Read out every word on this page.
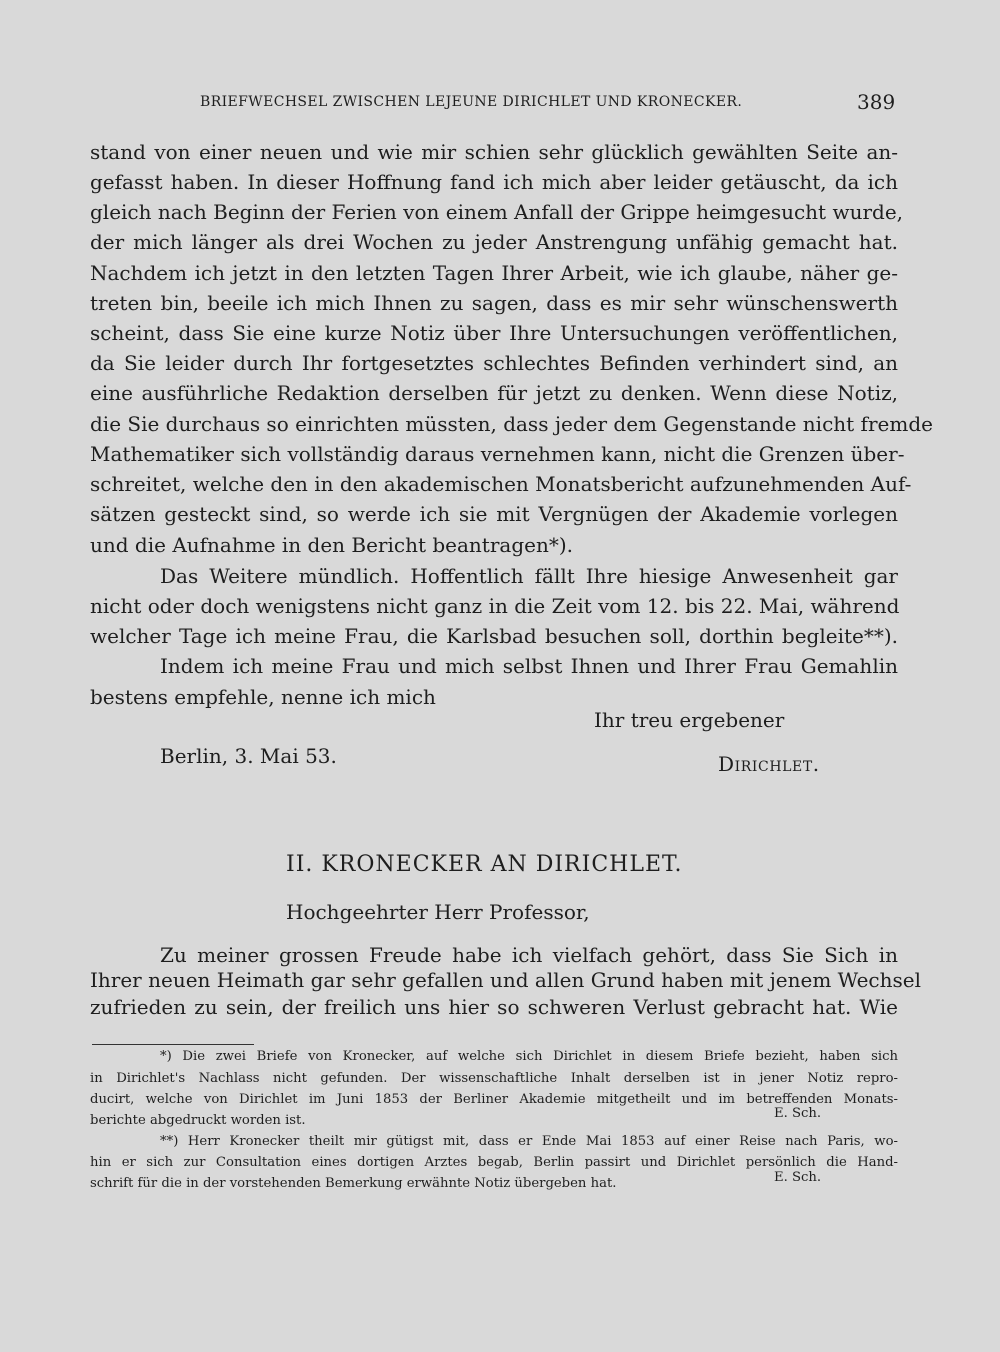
BRIEFWECHSEL ZWISCHEN LEJEUNE DIRICHLET UND KRONECKER.	389
stand von einer neuen und wie mir schien sehr glücklich gewählten Seite an-
gefasst haben. In dieser Hoffnung fand ich mich aber leider getäuscht, da ich
gleich nach Beginn der Ferien von einem Anfall der Grippe heimgesucht wurde,
der mich länger als drei Wochen zu jeder Anstrengung unfähig gemacht hat.
Nachdem ich jetzt in den letzten Tagen Ihrer Arbeit, wie ich glaube, näher ge-
treten bin, beeile ich mich Ihnen zu sagen, dass es mir sehr wünschenswerth
scheint, dass Sie eine kurze Notiz über Ihre Untersuchungen veröffentlichen,
da Sie leider durch Ihr fortgesetztes schlechtes Befinden verhindert sind, an
eine ausführliche Redaktion derselben für jetzt zu denken. Wenn diese Notiz,
die Sie durchaus so einrichten müssten, dass jeder dem Gegenstande nicht fremde
Mathematiker sich vollständig daraus vernehmen kann, nicht die Grenzen über-
schreitet, welche den in den akademischen Monatsbericht aufzunehmenden Auf-
sätzen gesteckt sind, so werde ich sie mit Vergnügen der Akademie vorlegen
und die Aufnahme in den Bericht beantragen*).
Das Weitere mündlich. Hoffentlich fällt Ihre hiesige Anwesenheit gar
nicht oder doch wenigstens nicht ganz in die Zeit vom 12. bis 22. Mai, während
welcher Tage ich meine Frau, die Karlsbad besuchen soll, dorthin begleite**).
Indem ich meine Frau und mich selbst Ihnen und Ihrer Frau Gemahlin
bestens empfehle, nenne ich mich
Ihr treu ergebener
Berlin, 3. Mai 53.	Dirichlet.
II. KRONECKER AN DIRICHLET.
Hochgeehrter Herr Professor,
Zu meiner grossen Freude habe ich vielfach gehört, dass Sie Sich in
Ihrer neuen Heimath gar sehr gefallen und allen Grund haben mit jenem Wechsel
zufrieden zu sein, der freilich uns hier so schweren Verlust gebracht hat. Wie
*) Die zwei Briefe von Kronecker, auf welche sich Dirichlet in diesem Briefe bezieht, haben sich
in Dirichlet's Nachlass nicht gefunden. Der wissenschaftliche Inhalt derselben ist in jener Notiz repro-
ducirt, welche von Dirichlet im Juni 1853 der Berliner Akademie mitgetheilt und im betreffenden Monats-
berichte abgedruckt worden ist.	E. Sch.
**) Herr Kronecker theilt mir gütigst mit, dass er Ende Mai 1853 auf einer Reise nach Paris, wo-
hin er sich zur Consultation eines dortigen Arztes begab, Berlin passirt und Dirichlet persönlich die Hand-
schrift für die in der vorstehenden Bemerkung erwähnte Notiz übergeben hat.	E. Sch.
